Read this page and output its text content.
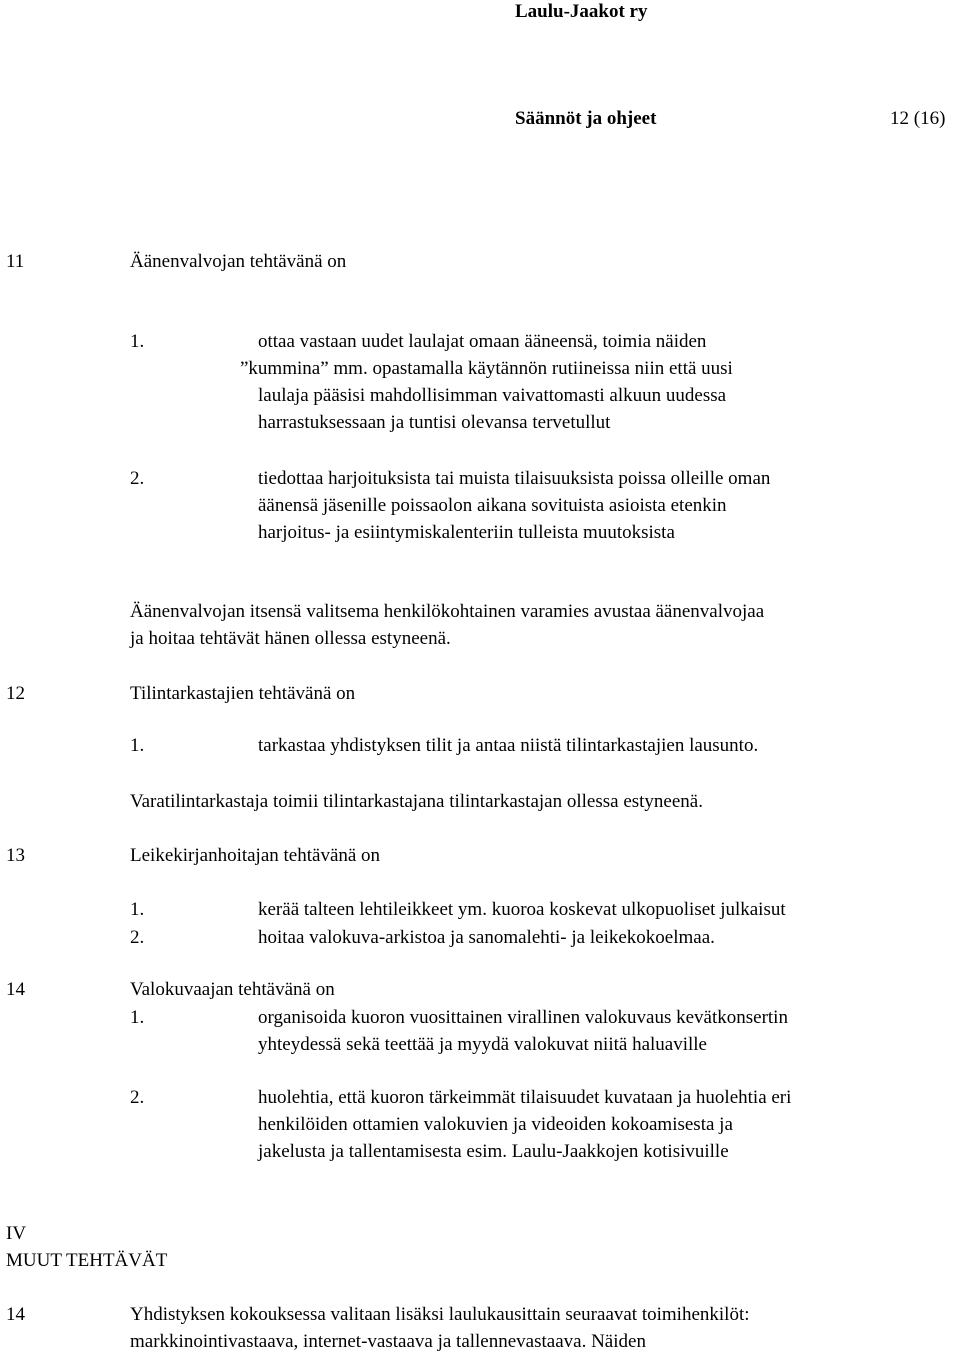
Laulu-Jaakot ry
Säännöt ja ohjeet	12 (16)
11	Äänenvalvojan tehtävänä on
1.	ottaa vastaan uudet laulajat omaan ääneensä, toimia näiden
”kummina” mm. opastamalla käytännön rutiineissa niin että uusi
laulaja pääsisi mahdollisimman vaivattomasti alkuun uudessa
harrastuksessaan ja tuntisi olevansa tervetullut
2.	tiedottaa harjoituksista tai muista tilaisuuksista poissa olleille oman
äänensä jäsenille poissaolon aikana sovituista asioista etenkin
harjoitus- ja esiintymiskalenteriin tulleista muutoksista
Äänenvalvojan itsensä valitsema henkilökohtainen varamies avustaa äänenvalvojaa
ja hoitaa tehtävät hänen ollessa estyneenä.
12	Tilintarkastajien tehtävänä on
1.	tarkastaa yhdistyksen tilit ja antaa niistä tilintarkastajien lausunto.
Varatilintarkastaja toimii tilintarkastajana tilintarkastajan ollessa estyneenä.
13	Leikekirjanhoitajan tehtävänä on
1.	kerää talteen lehtileikkeet ym. kuoroa koskevat ulkopuoliset julkaisut
2.	hoitaa valokuva-arkistoa ja sanomalehti- ja leikekokoelmaa.
14	Valokuvaajan tehtävänä on
1.	organisoida kuoron vuosittainen virallinen valokuvaus kevätkonsertin
yhteydessä sekä teettää ja myydä valokuvat niitä haluaville
2.	huolehtia, että kuoron tärkeimmät tilaisuudet kuvataan ja huolehtia eri
henkilöiden ottamien valokuvien ja videoiden kokoamisesta ja
jakelusta ja tallentamisesta esim. Laulu-Jaakkojen kotisivuille
IV
MUUT TEHTÄVÄT
14	Yhdistyksen kokouksessa valitaan lisäksi laulukausittain seuraavat toimihenkilöt:
markkinointivastaava, internet-vastaava ja tallennevastaava. Näiden
